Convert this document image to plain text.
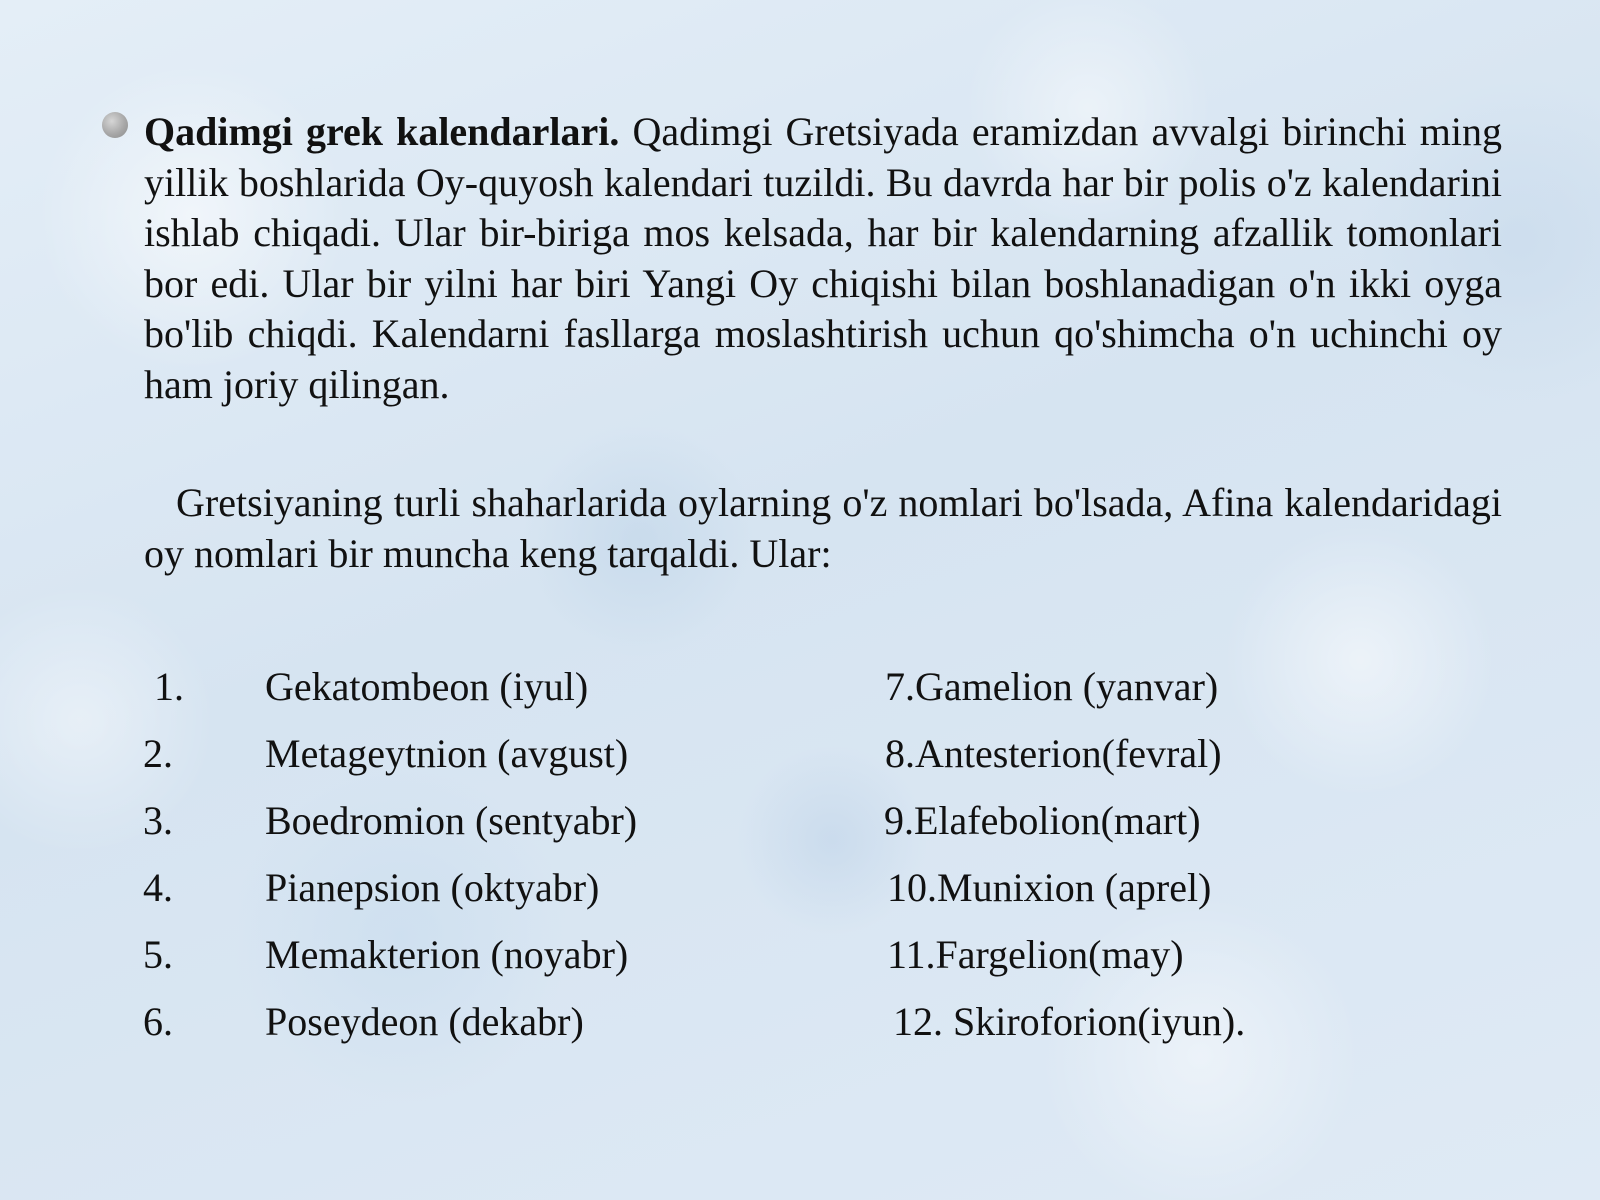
Qadimgi grek kalendarlari. Qadimgi Gretsiyada eramizdan avvalgi birinchi ming yillik boshlarida Oy-quyosh kalendari tuzildi. Bu davrda har bir polis o'z kalendarini ishlab chiqadi. Ular bir-biriga mos kelsada, har bir kalendarning afzallik tomonlari bor edi. Ular bir yilni har biri Yangi Oy chiqishi bilan boshlanadigan o'n ikki oyga bo'lib chiqdi. Kalendarni fasllarga moslashtirish uchun qo'shimcha o'n uchinchi oy ham joriy qilingan.

Gretsiyaning turli shaharlarida oylarning o'z nomlari bo'lsada, Afina kalendaridagi oy nomlari bir muncha keng tarqaldi. Ular:

1. Gekatombeon (iyul)	7.Gamelion (yanvar)
2. Metageytnion (avgust)	8.Antesterion(fevral)
3. Boedromion (sentyabr)	9.Elafebolion(mart)
4. Pianepsion (oktyabr)	10.Munixion (aprel)
5. Memakterion (noyabr)	11.Fargelion(may)
6. Poseydeon (dekabr)	12. Skiroforion(iyun).
